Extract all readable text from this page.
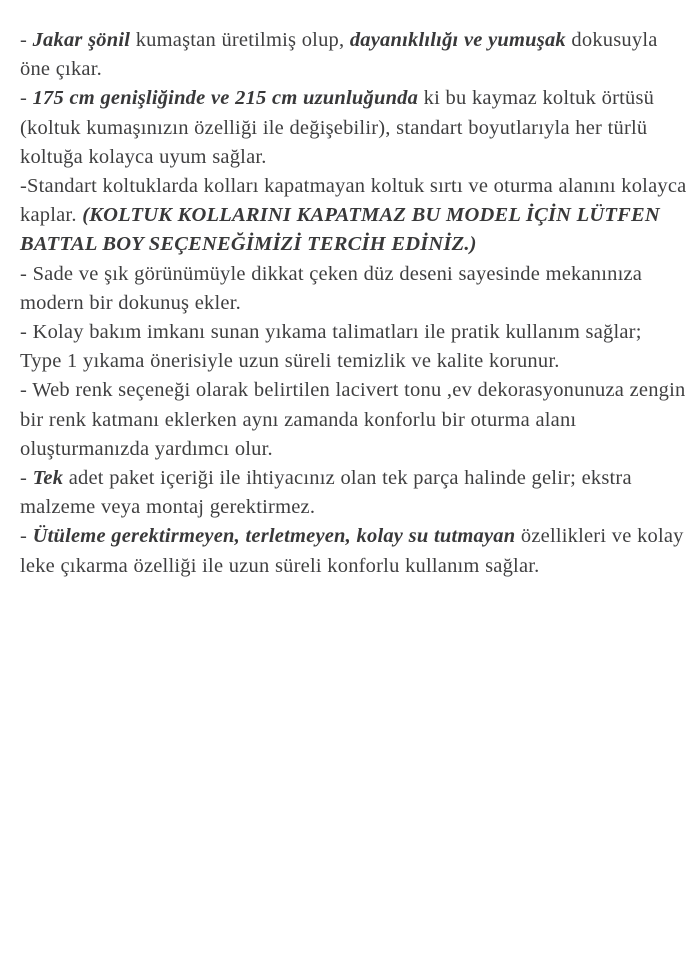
- Jakar şönil kumaştan üretilmiş olup, dayanıklılığı ve yumuşak dokusuyla öne çıkar.

- 175 cm genişliğinde ve 215 cm uzunluğunda ki bu kaymaz koltuk örtüsü (koltuk kumaşınızın özelliği ile değişebilir), standart boyutlarıyla her türlü koltuğa kolayca uyum sağlar.

-Standart koltuklarda kolları kapatmayan koltuk sırtı ve oturma alanını kolayca kaplar. (KOLTUK KOLLARINI KAPATMAZ BU MODEL İÇİN LÜTFEN BATTAL BOY SEÇENEĞİMİZİ TERCİH EDİNİZ.)

- Sade ve şık görünümüyle dikkat çeken düz deseni sayesinde mekanınıza modern bir dokunuş ekler.

- Kolay bakım imkanı sunan yıkama talimatları ile pratik kullanım sağlar; Type 1 yıkama önerisiyle uzun süreli temizlik ve kalite korunur.

- Web renk seçeneği olarak belirtilen lacivert tonu ,ev dekorasyonunuza zengin bir renk katmanı eklerken aynı zamanda konforlu bir oturma alanı oluşturmanızda yardımcı olur.

- Tek adet paket içeriği ile ihtiyacınız olan tek parça halinde gelir; ekstra malzeme veya montaj gerektirmez.

- Ütüleme gerektirmeyen, terletmeyen, kolay su tutmayan özellikleri ve kolay leke çıkarma özelliği ile uzun süreli konforlu kullanım sağlar.
